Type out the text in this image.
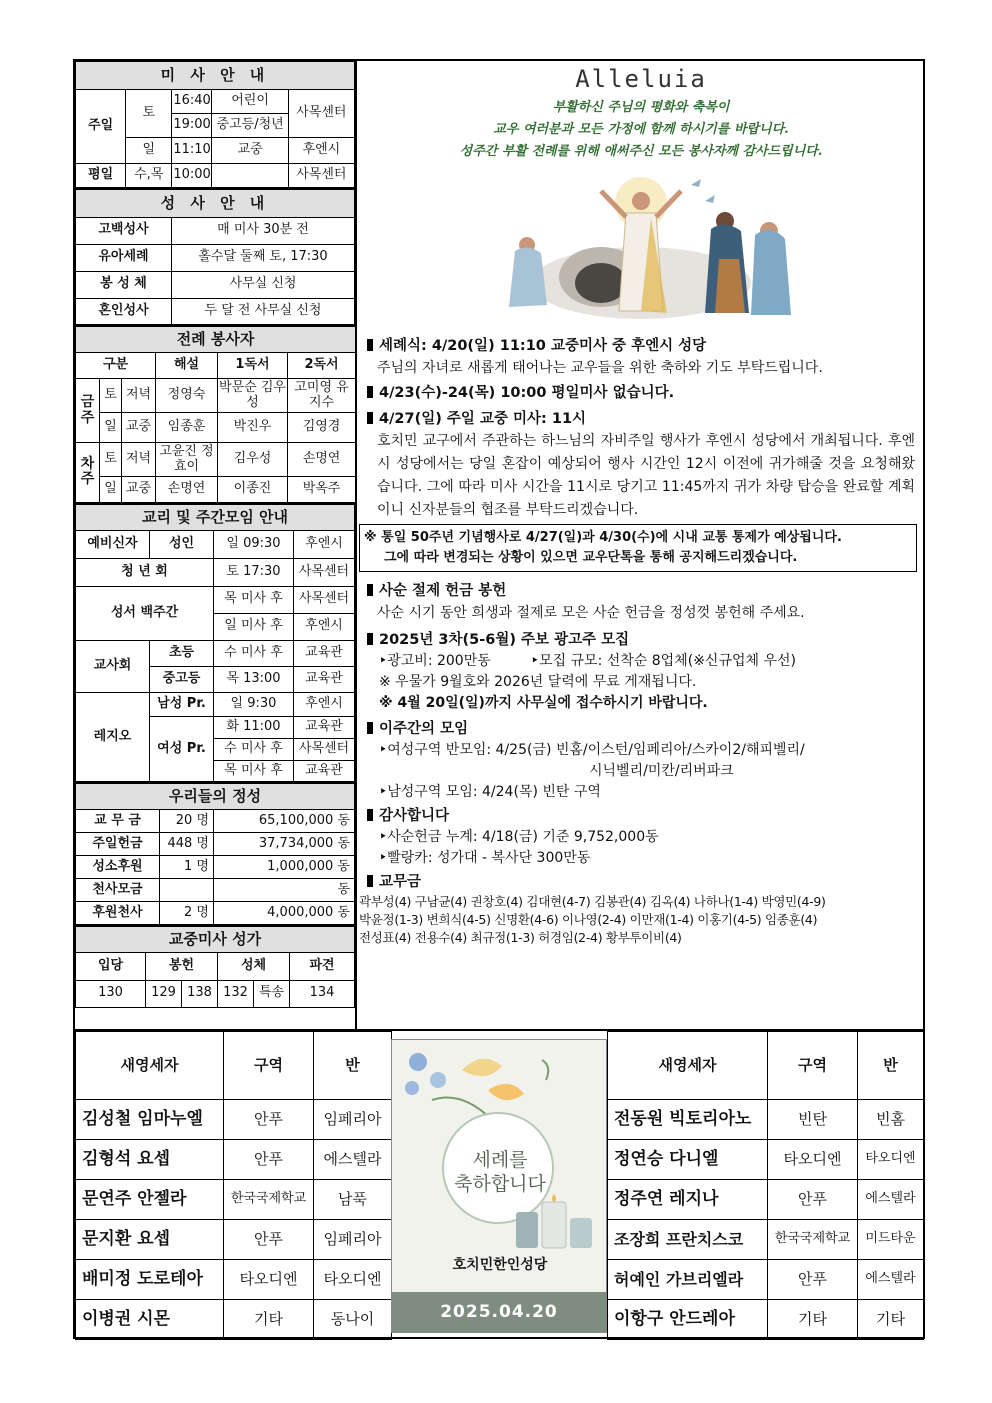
미 사 안 내				
주일	토	16:40	어린이	사목센터
		19:00	중고등/청년	
	일	11:10	교중	후엔시
평일	수,목	10:00		사목센터
성 사 안 내	
고백성사	매 미사 30분 전
유아세례	홀수달 둘째 토, 17:30
봉 성 체	사무실 신청
혼인성사	두 달 전 사무실 신청
전례 봉사자					
구분			해설	1독서	2독서
금주	토	저녁	정영숙	박문순 김우성	고미영 유지수
	일	교중	임종훈	박진우	김영경
차주	토	저녁	고윤진 정효이	김우성	손명연
	일	교중	손명연	이종진	박옥주
교리 및 주간모임 안내			
예비신자	성인	일 09:30	후엔시
청 년 회		토 17:30	사목센터
성서 백주간		목 미사 후	사목센터
		일 미사 후	후엔시
교사회	초등	수 미사 후	교육관
	중고등	목 13:00	교육관
레지오	남성 Pr.	일 9:30	후엔시
	여성 Pr.	화 11:00	교육관
		수 미사 후	사목센터
		목 미사 후	교육관
우리들의 정성		
교 무 금	20 명	65,100,000 동
주일헌금	448 명	37,734,000 동
성소후원	1 명	1,000,000 동
천사모금		동
후원천사	2 명	4,000,000 동
교중미사 성가					
입당	봉헌		성체		파견
130	129	138	132	특송	134
Alleluia
부활하신 주님의 평화와 축복이
교우 여러분과 모든 가정에 함께 하시기를 바랍니다.
성주간 부활 전례를 위해 애써주신 모든 봉사자께 감사드립니다.
세례식: 4/20(일) 11:10 교중미사 중 후엔시 성당
주님의 자녀로 새롭게 태어나는 교우들을 위한 축하와 기도 부탁드립니다.
4/23(수)-24(목) 10:00 평일미사 없습니다.
4/27(일) 주일 교중 미사: 11시
호치민 교구에서 주관하는 하느님의 자비주일 행사가 후엔시 성당에서 개최됩니다. 후엔시 성당에서는 당일 혼잡이 예상되어 행사 시간인 12시 이전에 귀가해줄 것을 요청해왔습니다. 그에 따라 미사 시간을 11시로 당기고 11:45까지 귀가 차량 탑승을 완료할 계획이니 신자분들의 협조를 부탁드리겠습니다.
※ 통일 50주년 기념행사로 4/27(일)과 4/30(수)에 시내 교통 통제가 예상됩니다.
그에 따라 변경되는 상황이 있으면 교우단톡을 통해 공지해드리겠습니다.
사순 절제 헌금 봉헌
사순 시기 동안 희생과 절제로 모은 사순 헌금을 정성껏 봉헌해 주세요.
2025년 3차(5-6월) 주보 광고주 모집
‣광고비: 200만동	‣모집 규모: 선착순 8업체(※신규업체 우선)
※ 우물가 9월호와 2026년 달력에 무료 게재됩니다.
※ 4월 20일(일)까지 사무실에 접수하시기 바랍니다.
이주간의 모임
‣여성구역 반모임: 4/25(금) 빈홈/이스턴/임페리아/스카이2/해피벨리/
시닉벨리/미칸/리버파크
‣남성구역 모임: 4/24(목) 빈탄 구역
감사합니다
‣사순헌금 누계: 4/18(금) 기준 9,752,000동
‣빨랑카: 성가대 - 복사단 300만동
교무금
곽부성(4) 구남균(4) 권창호(4) 김대현(4-7) 김봉관(4) 김옥(4) 나하나(1-4) 박영민(4-9)
박윤정(1-3) 변희식(4-5) 신명환(4-6) 이나영(2-4) 이만재(1-4) 이홍기(4-5) 임종훈(4)
전성표(4) 전용수(4) 최규정(1-3) 허경임(2-4) 황부투이비(4)
새영세자	구역	반
김성철 임마누엘	안푸	임페리아
김형석 요셉	안푸	에스텔라
문연주 안젤라	한국국제학교	남푹
문지환 요셉	안푸	임페리아
배미정 도로테아	타오디엔	타오디엔
이병권 시몬	기타	동나이
세례를
축하합니다
호치민한인성당
2025.04.20
새영세자	구역	반
전동원 빅토리아노	빈탄	빈홈
정연승 다니엘	타오디엔	타오디엔
정주연 레지나	안푸	에스텔라
조장희 프란치스코	한국국제학교	미드타운
허예인 가브리엘라	안푸	에스텔라
이항구 안드레아	기타	기타
